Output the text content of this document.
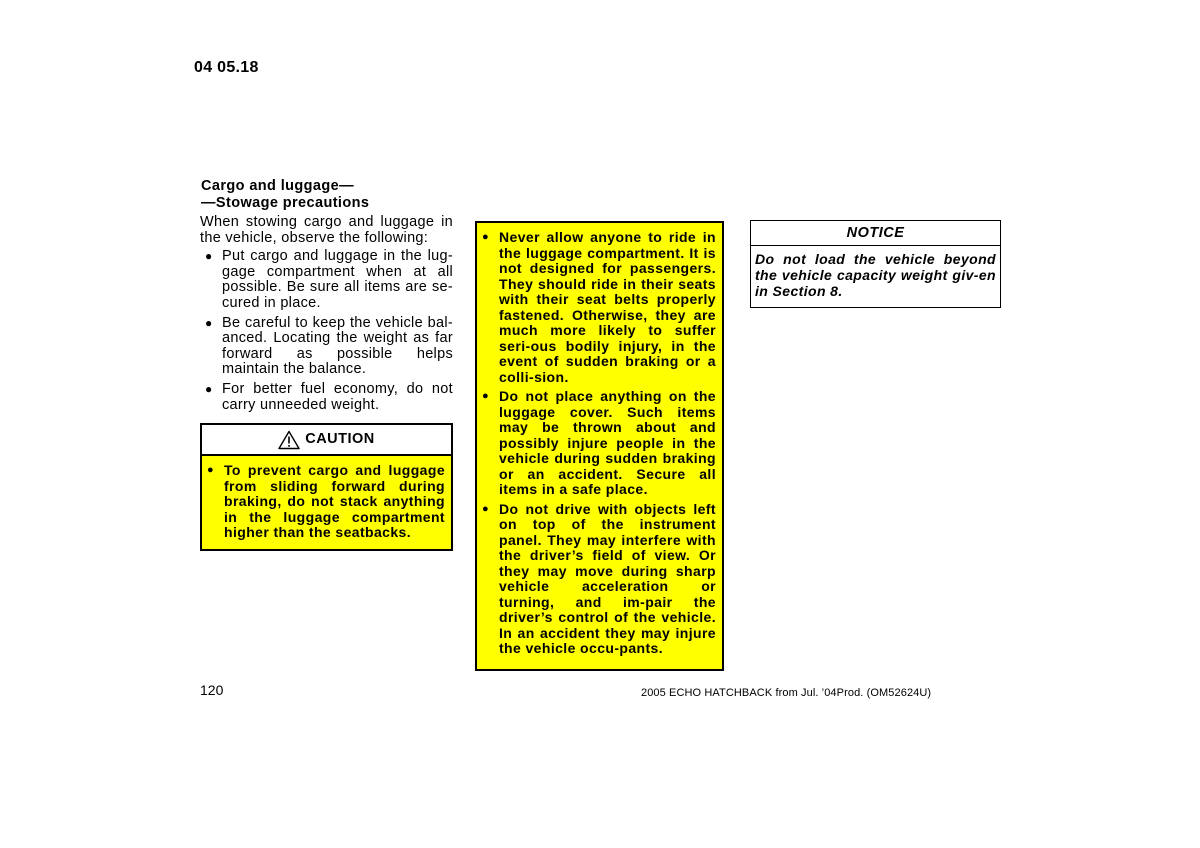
04 05.18
Cargo and luggage—
—Stowage precautions

When stowing cargo and luggage in the vehicle, observe the following:

● Put cargo and luggage in the lug-gage compartment when at all possible. Be sure all items are se-cured in place.
● Be careful to keep the vehicle bal-anced. Locating the weight as far forward as possible helps maintain the balance.
● For better fuel economy, do not carry unneeded weight.
CAUTION
● To prevent cargo and luggage from sliding forward during braking, do not stack anything in the luggage compartment higher than the seatbacks.
● Never allow anyone to ride in the luggage compartment. It is not designed for passengers. They should ride in their seats with their seat belts properly fastened. Otherwise, they are much more likely to suffer seri-ous bodily injury, in the event of sudden braking or a colli-sion.
● Do not place anything on the luggage cover. Such items may be thrown about and possibly injure people in the vehicle during sudden braking or an accident. Secure all items in a safe place.
● Do not drive with objects left on top of the instrument panel. They may interfere with the driver’s field of view. Or they may move during sharp vehicle acceleration or turning, and im-pair the driver’s control of the vehicle. In an accident they may injure the vehicle occu-pants.
NOTICE
Do not load the vehicle beyond the vehicle capacity weight giv-en in Section 8.
120	2005 ECHO HATCHBACK from Jul. ’04Prod. (OM52624U)
